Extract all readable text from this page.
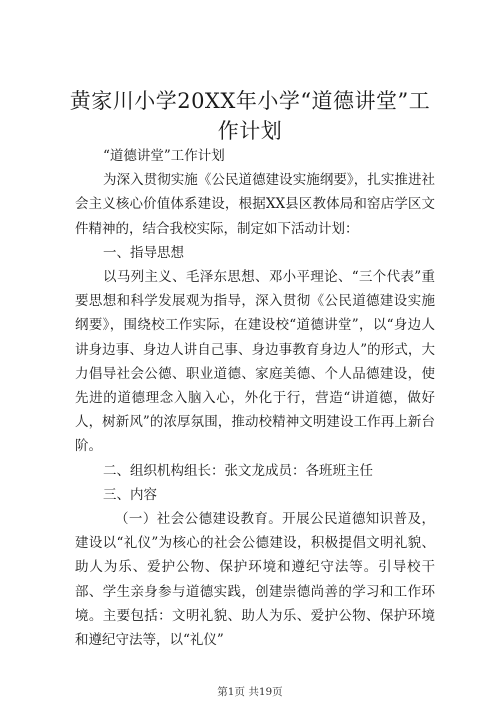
黄家川小学20XX年小学“道德讲堂”工作计划

“道德讲堂”工作计划

为深入贯彻实施《公民道德建设实施纲要》，扎实推进社会主义核心价值体系建设，根据XX县区教体局和窑店学区文件精神的，结合我校实际，制定如下活动计划：

一、指导思想

以马列主义、毛泽东思想、邓小平理论、“三个代表”重要思想和科学发展观为指导，深入贯彻《公民道德建设实施纲要》，围绕校工作实际，在建设校“道德讲堂”，以“身边人讲身边事、身边人讲自己事、身边事教育身边人”的形式，大力倡导社会公德、职业道德、家庭美德、个人品德建设，使先进的道德理念入脑入心，外化于行，营造“讲道德，做好人，树新风”的浓厚氛围，推动校精神文明建设工作再上新台阶。

二、组织机构组长：张文龙成员：各班班主任

三、内容

（一）社会公德建设教育。开展公民道德知识普及，建设以“礼仪”为核心的社会公德建设，积极提倡文明礼貌、助人为乐、爱护公物、保护环境和遵纪守法等。引导校干部、学生亲身参与道德实践，创建崇德尚善的学习和工作环境。主要包括：文明礼貌、助人为乐、爱护公物、保护环境和遵纪守法等，以“礼仪”

第1页 共19页
